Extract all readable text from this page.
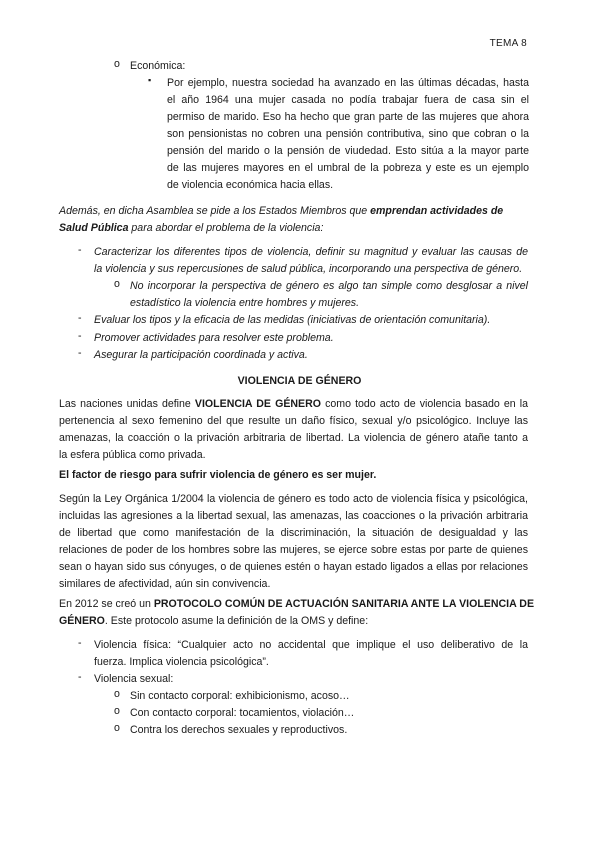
TEMA 8
o Económica:
▪ Por ejemplo, nuestra sociedad ha avanzado en las últimas décadas, hasta
el año 1964 una mujer casada no podía trabajar fuera de casa sin el
permiso de marido. Eso ha hecho que gran parte de las mujeres que ahora
son pensionistas no cobren una pensión contributiva, sino que cobran o la
pensión del marido o la pensión de viudedad. Esto sitúa a la mayor parte
de las mujeres mayores en el umbral de la pobreza y este es un ejemplo
de violencia económica hacia ellas.
Además, en dicha Asamblea se pide a los Estados Miembros que emprendan actividades de
Salud Pública para abordar el problema de la violencia:
- Caracterizar los diferentes tipos de violencia, definir su magnitud y evaluar las causas de
la violencia y sus repercusiones de salud pública, incorporando una perspectiva de género.
o No incorporar la perspectiva de género es algo tan simple como desglosar a nivel
estadístico la violencia entre hombres y mujeres.
- Evaluar los tipos y la eficacia de las medidas (iniciativas de orientación comunitaria).
- Promover actividades para resolver este problema.
- Asegurar la participación coordinada y activa.
VIOLENCIA DE GÉNERO
Las naciones unidas define VIOLENCIA DE GÉNERO como todo acto de violencia basado en la
pertenencia al sexo femenino del que resulte un daño físico, sexual y/o psicológico. Incluye las
amenazas, la coacción o la privación arbitraria de libertad. La violencia de género atañe tanto a
la esfera pública como privada.
El factor de riesgo para sufrir violencia de género es ser mujer.
Según la Ley Orgánica 1/2004 la violencia de género es todo acto de violencia física y psicológica,
incluidas las agresiones a la libertad sexual, las amenazas, las coacciones o la privación arbitraria
de libertad que como manifestación de la discriminación, la situación de desigualdad y las
relaciones de poder de los hombres sobre las mujeres, se ejerce sobre estas por parte de quienes
sean o hayan sido sus cónyuges, o de quienes estén o hayan estado ligados a ellas por relaciones
similares de afectividad, aún sin convivencia.
En 2012 se creó un PROTOCOLO COMÚN DE ACTUACIÓN SANITARIA ANTE LA VIOLENCIA DE
GÉNERO. Este protocolo asume la definición de la OMS y define:
- Violencia física: “Cualquier acto no accidental que implique el uso deliberativo de la
fuerza. Implica violencia psicológica”.
- Violencia sexual:
o Sin contacto corporal: exhibicionismo, acoso…
o Con contacto corporal: tocamientos, violación…
o Contra los derechos sexuales y reproductivos.
